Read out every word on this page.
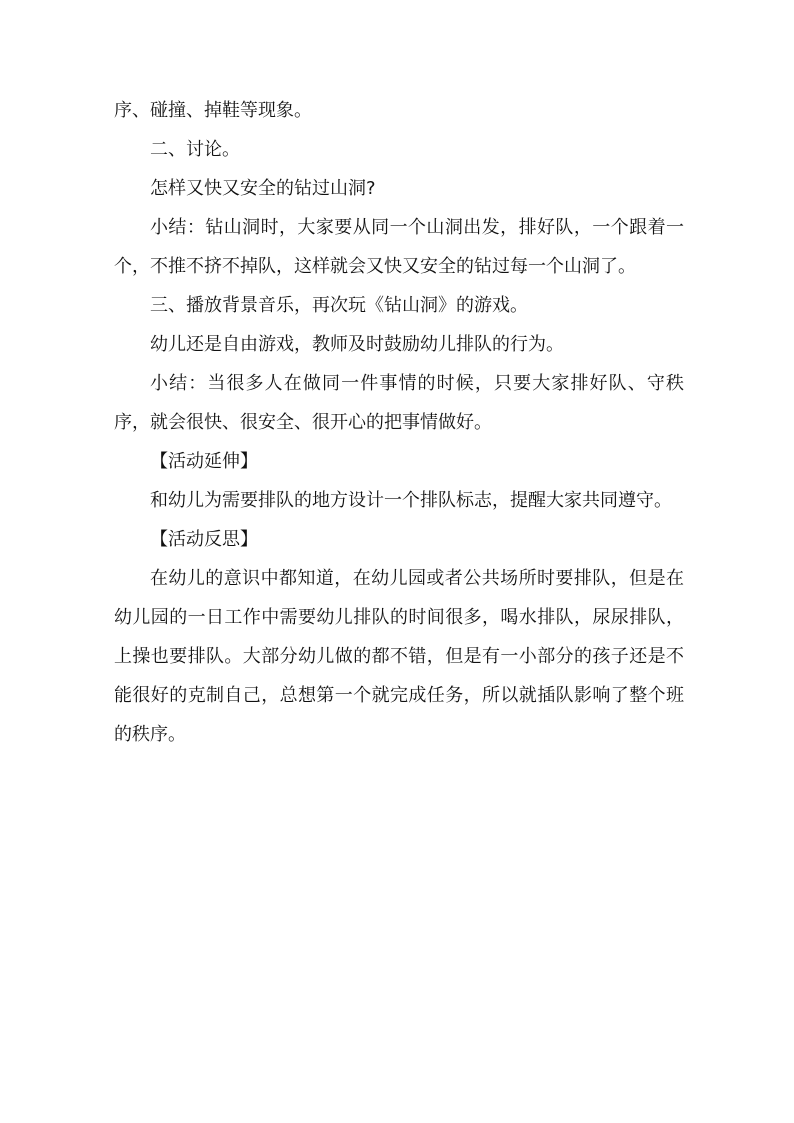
序、碰撞、掉鞋等现象。

二、讨论。

怎样又快又安全的钻过山洞?

小结：钻山洞时，大家要从同一个山洞出发，排好队，一个跟着一个，不推不挤不掉队，这样就会又快又安全的钻过每一个山洞了。

三、播放背景音乐，再次玩《钻山洞》的游戏。

幼儿还是自由游戏，教师及时鼓励幼儿排队的行为。

小结：当很多人在做同一件事情的时候，只要大家排好队、守秩序，就会很快、很安全、很开心的把事情做好。

【活动延伸】

和幼儿为需要排队的地方设计一个排队标志，提醒大家共同遵守。

【活动反思】

在幼儿的意识中都知道，在幼儿园或者公共场所时要排队，但是在幼儿园的一日工作中需要幼儿排队的时间很多，喝水排队，尿尿排队，上操也要排队。大部分幼儿做的都不错，但是有一小部分的孩子还是不能很好的克制自己，总想第一个就完成任务，所以就插队影响了整个班的秩序。
